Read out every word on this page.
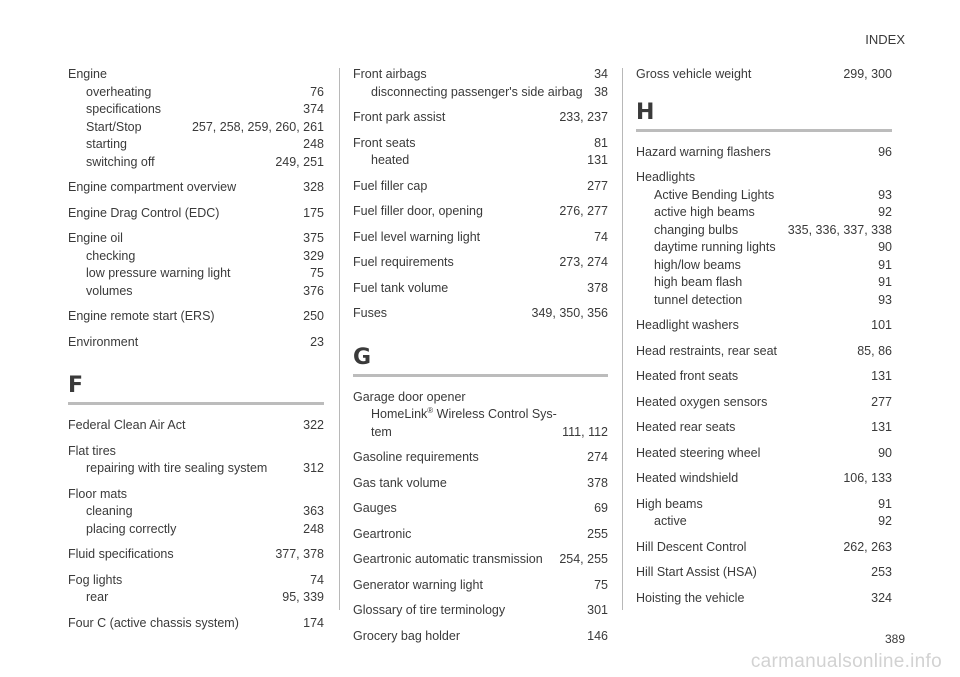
INDEX
Engine
overheating	76
specifications	374
Start/Stop	257, 258, 259, 260, 261
starting	248
switching off	249, 251
Engine compartment overview	328
Engine Drag Control (EDC)	175
Engine oil	375
checking	329
low pressure warning light	75
volumes	376
Engine remote start (ERS)	250
Environment	23
F
Federal Clean Air Act	322
Flat tires
repairing with tire sealing system	312
Floor mats
cleaning	363
placing correctly	248
Fluid specifications	377, 378
Fog lights	74
rear	95, 339
Four C (active chassis system)	174
Front airbags	34
disconnecting passenger's side airbag 38
Front park assist	233, 237
Front seats	81
heated	131
Fuel filler cap	277
Fuel filler door, opening	276, 277
Fuel level warning light	74
Fuel requirements	273, 274
Fuel tank volume	378
Fuses	349, 350, 356
G
Garage door opener
HomeLink® Wireless Control Sys-
tem	111, 112
Gasoline requirements	274
Gas tank volume	378
Gauges	69
Geartronic	255
Geartronic automatic transmission	254, 255
Generator warning light	75
Glossary of tire terminology	301
Grocery bag holder	146
Gross vehicle weight	299, 300
H
Hazard warning flashers	96
Headlights
Active Bending Lights	93
active high beams	92
changing bulbs	335, 336, 337, 338
daytime running lights	90
high/low beams	91
high beam flash	91
tunnel detection	93
Headlight washers	101
Head restraints, rear seat	85, 86
Heated front seats	131
Heated oxygen sensors	277
Heated rear seats	131
Heated steering wheel	90
Heated windshield	106, 133
High beams	91
active	92
Hill Descent Control	262, 263
Hill Start Assist (HSA)	253
Hoisting the vehicle	324
389
carmanualsonline.info
